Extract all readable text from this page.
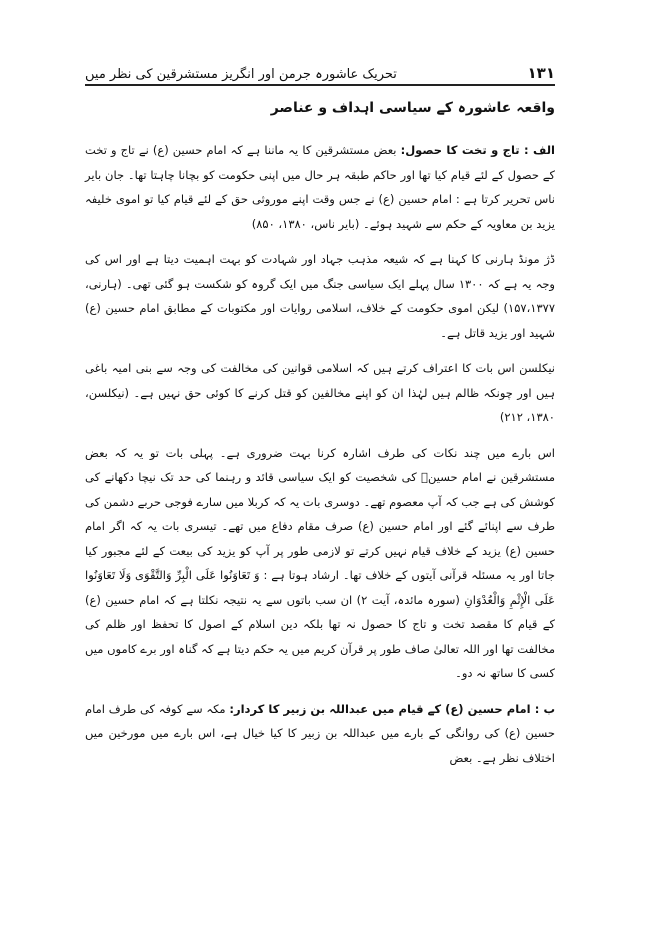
۱۳۱
تحریک عاشورہ جرمن اور انگریز مستشرقین کی نظر میں
واقعہ عاشورہ کے سیاسی اہداف و عناصر

الف : تاج و تخت کا حصول: بعض مستشرقین کا یہ ماننا ہے کہ امام حسین (ع) نے تاج و تخت کے حصول کے لئے قیام کیا تھا اور حاکم طبقہ ہر حال میں اپنی حکومت کو بچانا چاہتا تھا۔ جان بایر ناس تحریر کرتا ہے : امام حسین (ع) نے جس وقت اپنے موروثی حق کے لئے قیام کیا تو اموی خلیفہ یزید بن معاویہ کے حکم سے شہید ہوئے۔ (بایر ناس، ۱۳۸۰، ۸۵۰)

ڈژ مونڈ ہارنی کا کہنا ہے کہ شیعہ مذہب جہاد اور شہادت کو بہت اہمیت دیتا ہے اور اس کی وجہ یہ ہے کہ ۱۳۰۰ سال پہلے ایک سیاسی جنگ میں ایک گروہ کو شکست ہو گئی تھی۔ (ہارنی، ۱۵۷،۱۳۷۷) لیکن اموی حکومت کے خلاف، اسلامی روایات اور مکتوبات کے مطابق امام حسین (ع) شہید اور یزید قاتل ہے۔

نیکلسن اس بات کا اعتراف کرتے ہیں کہ اسلامی قوانین کی مخالفت کی وجہ سے بنی امیہ باغی ہیں اور چونکہ ظالم ہیں لہٰذا ان کو اپنے مخالفین کو قتل کرنے کا کوئی حق نہیں ہے۔ (نیکلسن، ۱۳۸۰، ۲۱۲)

اس بارے میں چند نکات کی طرف اشارہ کرنا بہت ضروری ہے۔ پہلی بات تو یہ کہ بعض مستشرقین نے امام حسینؑ کی شخصیت کو ایک سیاسی قائد و رہنما کی حد تک نیچا دکھانے کی کوشش کی ہے جب کہ آپ معصوم تھے۔ دوسری بات یہ کہ کربلا میں سارے فوجی حربے دشمن کی طرف سے اپنائے گئے اور امام حسین (ع) صرف مقام دفاع میں تھے۔ تیسری بات یہ کہ اگر امام حسین (ع) یزید کے خلاف قیام نہیں کرتے تو لازمی طور پر آپ کو یزید کی بیعت کے لئے مجبور کیا جاتا اور یہ مسئلہ قرآنی آیتوں کے خلاف تھا۔ ارشاد ہوتا ہے : وَ تَعَاوَنُوا عَلَى الْبِرِّ وَالتَّقْوَى وَلَا تَعَاوَنُوا عَلَى الْإِثْمِ وَالْعُدْوَانِ (سورہ مائدہ، آیت ۲) ان سب باتوں سے یہ نتیجہ نکلتا ہے کہ امام حسین (ع) کے قیام کا مقصد تخت و تاج کا حصول نہ تھا بلکہ دین اسلام کے اصول کا تحفظ اور ظلم کی مخالفت تھا اور اللہ تعالیٰ صاف طور پر قرآن کریم میں یہ حکم دیتا ہے کہ گناہ اور برے کاموں میں کسی کا ساتھ نہ دو۔

ب : امام حسین (ع) کے قیام میں عبداللہ بن زبیر کا کردار: مکہ سے کوفہ کی طرف امام حسین (ع) کی روانگی کے بارے میں عبداللہ بن زبیر کا کیا خیال ہے، اس بارے میں مورخین میں اختلاف نظر ہے۔ بعض
